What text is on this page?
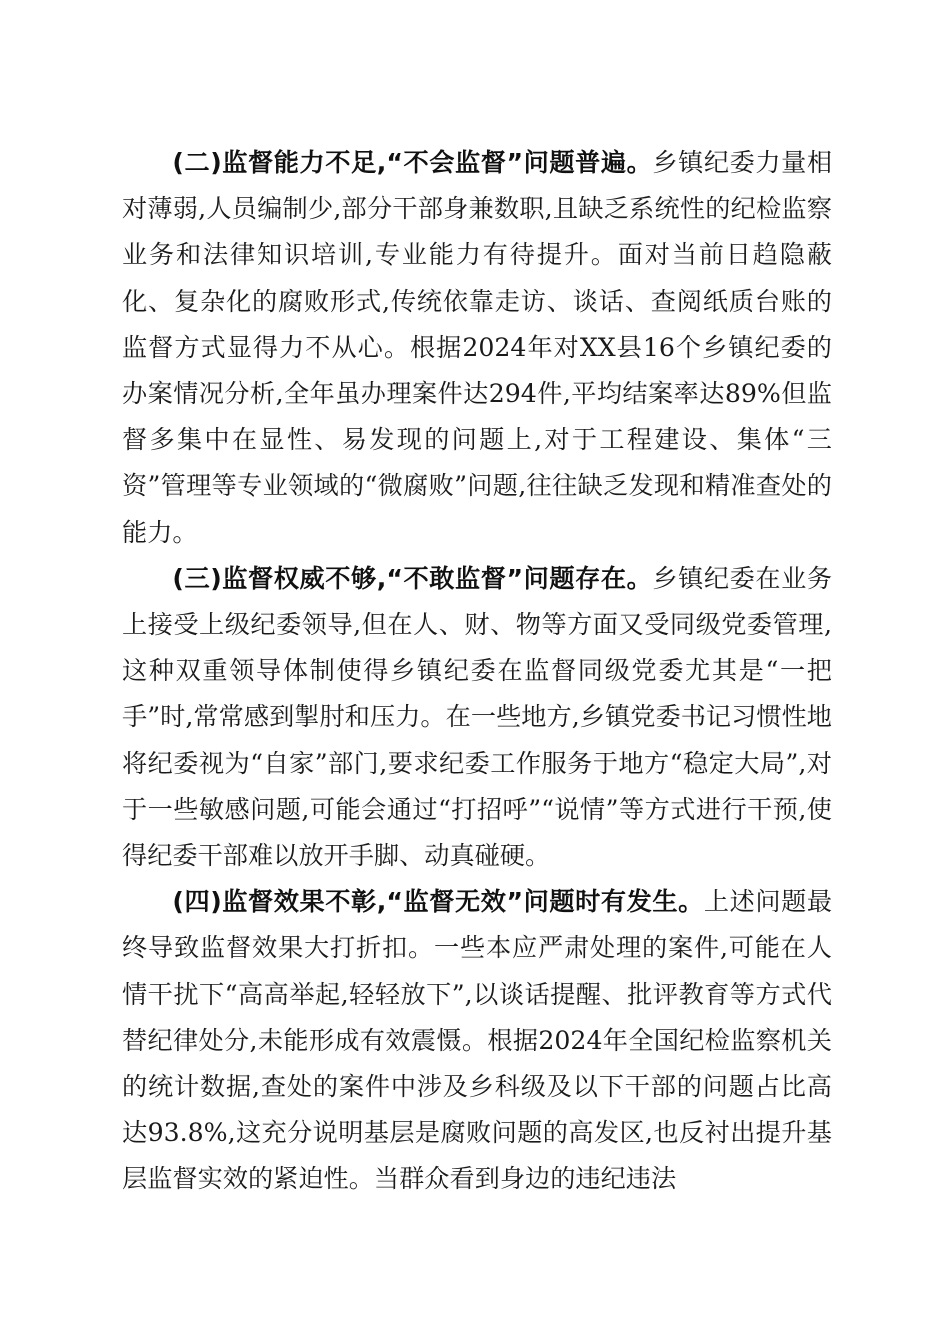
(二)监督能力不足,“不会监督”问题普遍。乡镇纪委力量相对薄弱,人员编制少,部分干部身兼数职,且缺乏系统性的纪检监察业务和法律知识培训,专业能力有待提升。面对当前日趋隐蔽化、复杂化的腐败形式,传统依靠走访、谈话、查阅纸质台账的监督方式显得力不从心。根据2024年对XX县16个乡镇纪委的办案情况分析,全年虽办理案件达294件,平均结案率达89%但监督多集中在显性、易发现的问题上,对于工程建设、集体“三资”管理等专业领域的“微腐败”问题,往往缺乏发现和精准查处的能力。

(三)监督权威不够,“不敢监督”问题存在。乡镇纪委在业务上接受上级纪委领导,但在人、财、物等方面又受同级党委管理,这种双重领导体制使得乡镇纪委在监督同级党委尤其是“一把手”时,常常感到掣肘和压力。在一些地方,乡镇党委书记习惯性地将纪委视为“自家”部门,要求纪委工作服务于地方“稳定大局”,对于一些敏感问题,可能会通过“打招呼”“说情”等方式进行干预,使得纪委干部难以放开手脚、动真碰硬。

(四)监督效果不彰,“监督无效”问题时有发生。上述问题最终导致监督效果大打折扣。一些本应严肃处理的案件,可能在人情干扰下“高高举起,轻轻放下”,以谈话提醒、批评教育等方式代替纪律处分,未能形成有效震慑。根据2024年全国纪检监察机关的统计数据,查处的案件中涉及乡科级及以下干部的问题占比高达93.8%,这充分说明基层是腐败问题的高发区,也反衬出提升基层监督实效的紧迫性。当群众看到身边的违纪违法
